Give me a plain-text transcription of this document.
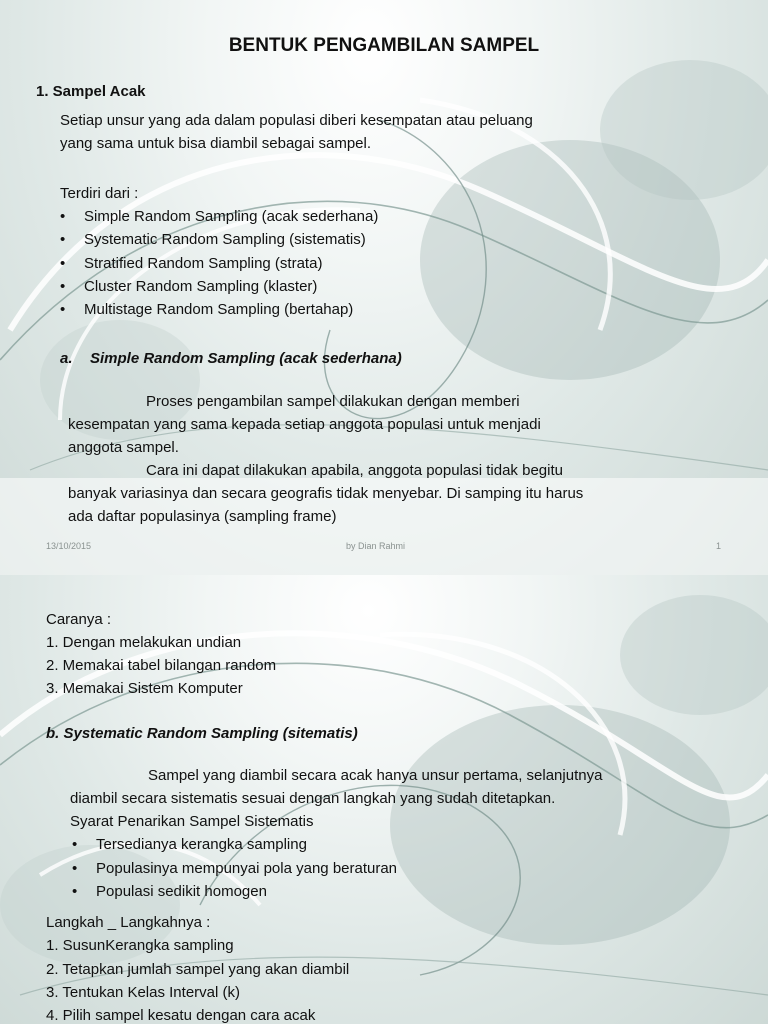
BENTUK PENGAMBILAN SAMPEL
1. Sampel Acak
Setiap unsur yang ada dalam populasi diberi kesempatan atau peluang
yang sama untuk bisa diambil sebagai sampel.
Terdiri dari :
• Simple Random Sampling (acak sederhana)
• Systematic Random Sampling (sistematis)
• Stratified Random Sampling (strata)
• Cluster Random Sampling (klaster)
• Multistage Random Sampling (bertahap)
a. Simple Random Sampling (acak sederhana)
Proses pengambilan sampel dilakukan dengan memberi
kesempatan yang sama kepada setiap anggota populasi untuk menjadi
anggota sampel.
Cara ini dapat dilakukan apabila, anggota populasi tidak begitu
banyak variasinya dan secara geografis tidak menyebar. Di samping itu harus
ada daftar populasinya (sampling frame)
13/10/2015	by Dian Rahmi	1
Caranya :
1. Dengan melakukan undian
2. Memakai tabel bilangan random
3. Memakai Sistem Komputer
b. Systematic Random Sampling (sitematis)
Sampel yang diambil secara acak hanya unsur pertama, selanjutnya
diambil secara sistematis sesuai dengan langkah yang sudah ditetapkan.
Syarat Penarikan Sampel Sistematis
• Tersedianya kerangka sampling
• Populasinya mempunyai pola yang beraturan
• Populasi sedikit homogen
Langkah _ Langkahnya :
1. SusunKerangka sampling
2. Tetapkan jumlah sampel yang akan diambil
3. Tentukan Kelas Interval (k)
4. Pilih sampel kesatu dengan cara acak
